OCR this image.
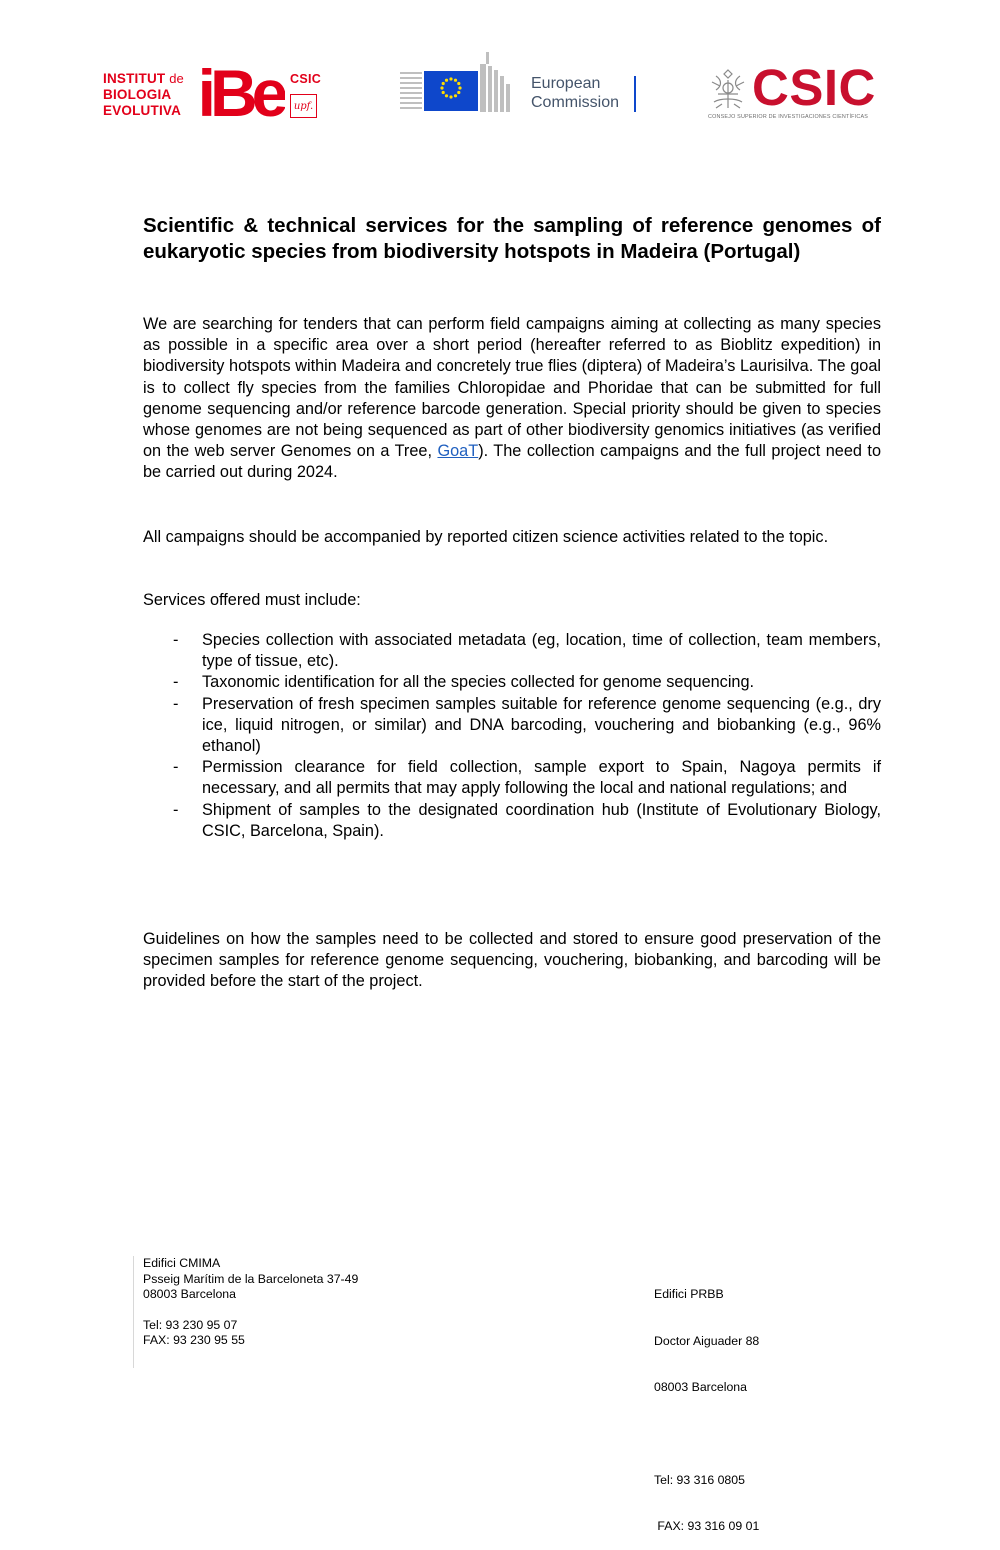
INSTITUT de
BIOLOGIA
EVOLUTIVA iBe CSIC
upf.
European
Commission	CSIC
CONSEJO SUPERIOR DE INVESTIGACIONES CIENTÍFICAS
Scientific & technical services for the sampling of reference genomes of eukaryotic species from biodiversity hotspots in Madeira (Portugal)

We are searching for tenders that can perform field campaigns aiming at collecting as many species as possible in a specific area over a short period (hereafter referred to as Bioblitz expedition) in biodiversity hotspots within Madeira and concretely true flies (diptera) of Madeira’s Laurisilva. The goal is to collect fly species from the families Chloropidae and Phoridae that can be submitted for full genome sequencing and/or reference barcode generation. Special priority should be given to species whose genomes are not being sequenced as part of other biodiversity genomics initiatives (as verified on the web server Genomes on a Tree, GoaT). The collection campaigns and the full project need to be carried out during 2024.

All campaigns should be accompanied by reported citizen science activities related to the topic.

Services offered must include:

- Species collection with associated metadata (eg, location, time of collection, team members, type of tissue, etc).
- Taxonomic identification for all the species collected for genome sequencing.
- Preservation of fresh specimen samples suitable for reference genome sequencing (e.g., dry ice, liquid nitrogen, or similar) and DNA barcoding, vouchering and biobanking (e.g., 96% ethanol)
- Permission clearance for field collection, sample export to Spain, Nagoya permits if necessary, and all permits that may apply following the local and national regulations; and
- Shipment of samples to the designated coordination hub (Institute of Evolutionary Biology, CSIC, Barcelona, Spain).

Guidelines on how the samples need to be collected and stored to ensure good preservation of the specimen samples for reference genome sequencing, vouchering, biobanking, and barcoding will be provided before the start of the project.

Edifici CMIMA
Psseig Marítim de la Barceloneta 37-49
08003 Barcelona
Tel: 93 230 95 07
FAX: 93 230 95 55

Edifici PRBB

Doctor Aiguader 88

08003 Barcelona

Tel: 93 316 0805

FAX: 93 316 09 01
